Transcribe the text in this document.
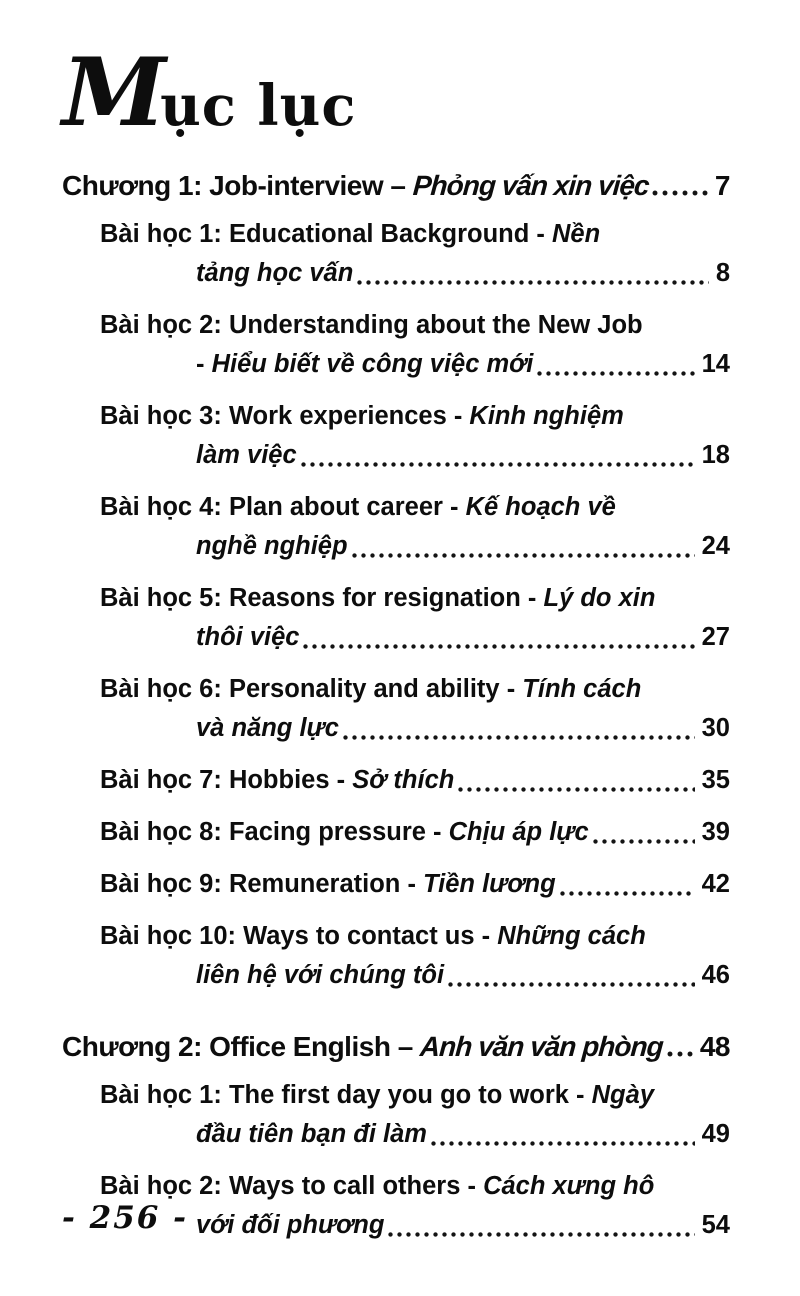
Mục lục
Chương 1: Job-interview –
Phỏng vấn xin việc 7
Bài học 1: Educational Background - Nền
tảng học vấn	8
Bài học 2: Understanding about the New Job
- Hiểu biết về công việc mới	14
Bài học 3: Work experiences - Kinh nghiệm
làm việc	18
Bài học 4: Plan about career - Kế hoạch về
nghề nghiệp	24
Bài học 5: Reasons for resignation - Lý do xin
thôi việc	27
Bài học 6: Personality and ability - Tính cách
và năng lực	30
Bài học 7: Hobbies - Sở thích	35
Bài học 8: Facing pressure - Chịu áp lực	39
Bài học 9: Remuneration - Tiền lương	42
Bài học 10: Ways to contact us - Những cách
liên hệ với chúng tôi	46
Chương 2: Office English –
Anh văn văn phòng 48
Bài học 1: The first day you go to work - Ngày
đầu tiên bạn đi làm	49
Bài học 2: Ways to call others - Cách xưng hô
với đối phương	54
- 256 -
